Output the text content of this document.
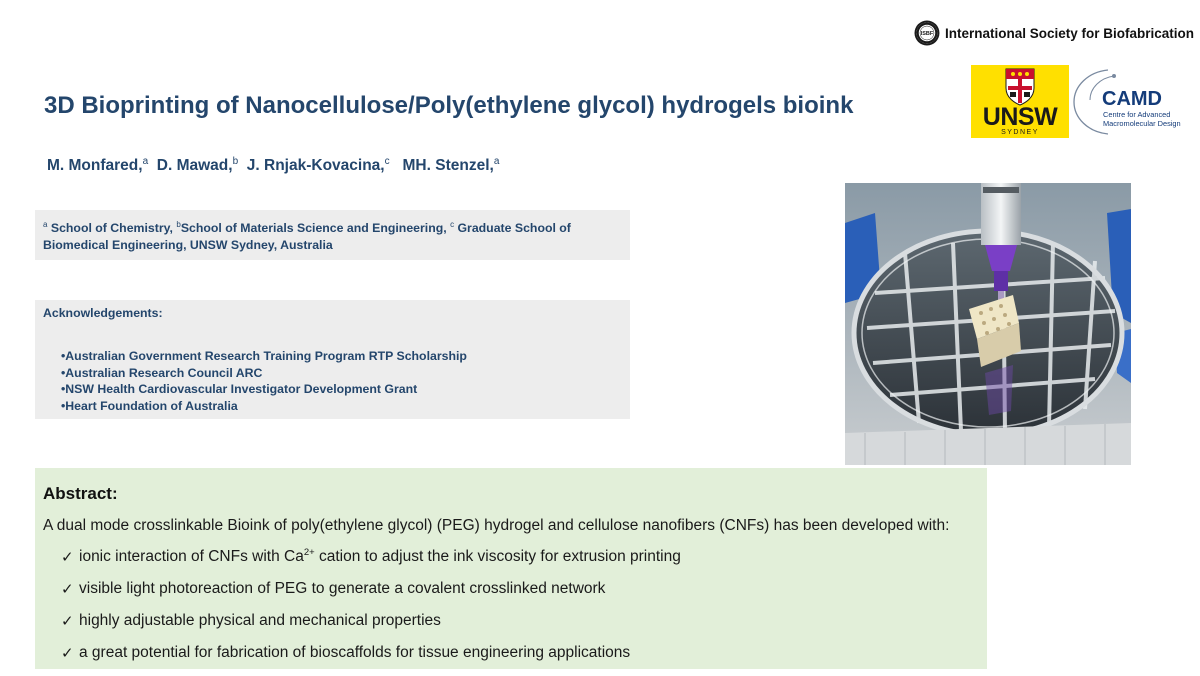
ISBF International Society for Biofabrication
UNSW
SYDNEY
CAMD
Centre for Advanced
Macromolecular Design
3D Bioprinting of Nanocellulose/Poly(ethylene glycol) hydrogels bioink
M. Monfared,$^a$ D. Mawad,$^b$ J. Rnjak-Kovacina,$^c$ MH. Stenzel,$^a$
$^a$ School of Chemistry, $^b$School of Materials Science and Engineering, $^c$ Graduate School of Biomedical Engineering, UNSW Sydney, Australia
Acknowledgements:
•Australian Government Research Training Program RTP Scholarship
•Australian Research Council ARC
•NSW Health Cardiovascular Investigator Development Grant
•Heart Foundation of Australia
Abstract:
A dual mode crosslinkable Bioink of poly(ethylene glycol) (PEG) hydrogel and cellulose nanofibers (CNFs) has been developed with:
✓ ionic interaction of CNFs with $Ca^{2+}$ cation to adjust the ink viscosity for extrusion printing
✓ visible light photoreaction of PEG to generate a covalent crosslinked network
✓ highly adjustable physical and mechanical properties
✓ a great potential for fabrication of bioscaffolds for tissue engineering applications
